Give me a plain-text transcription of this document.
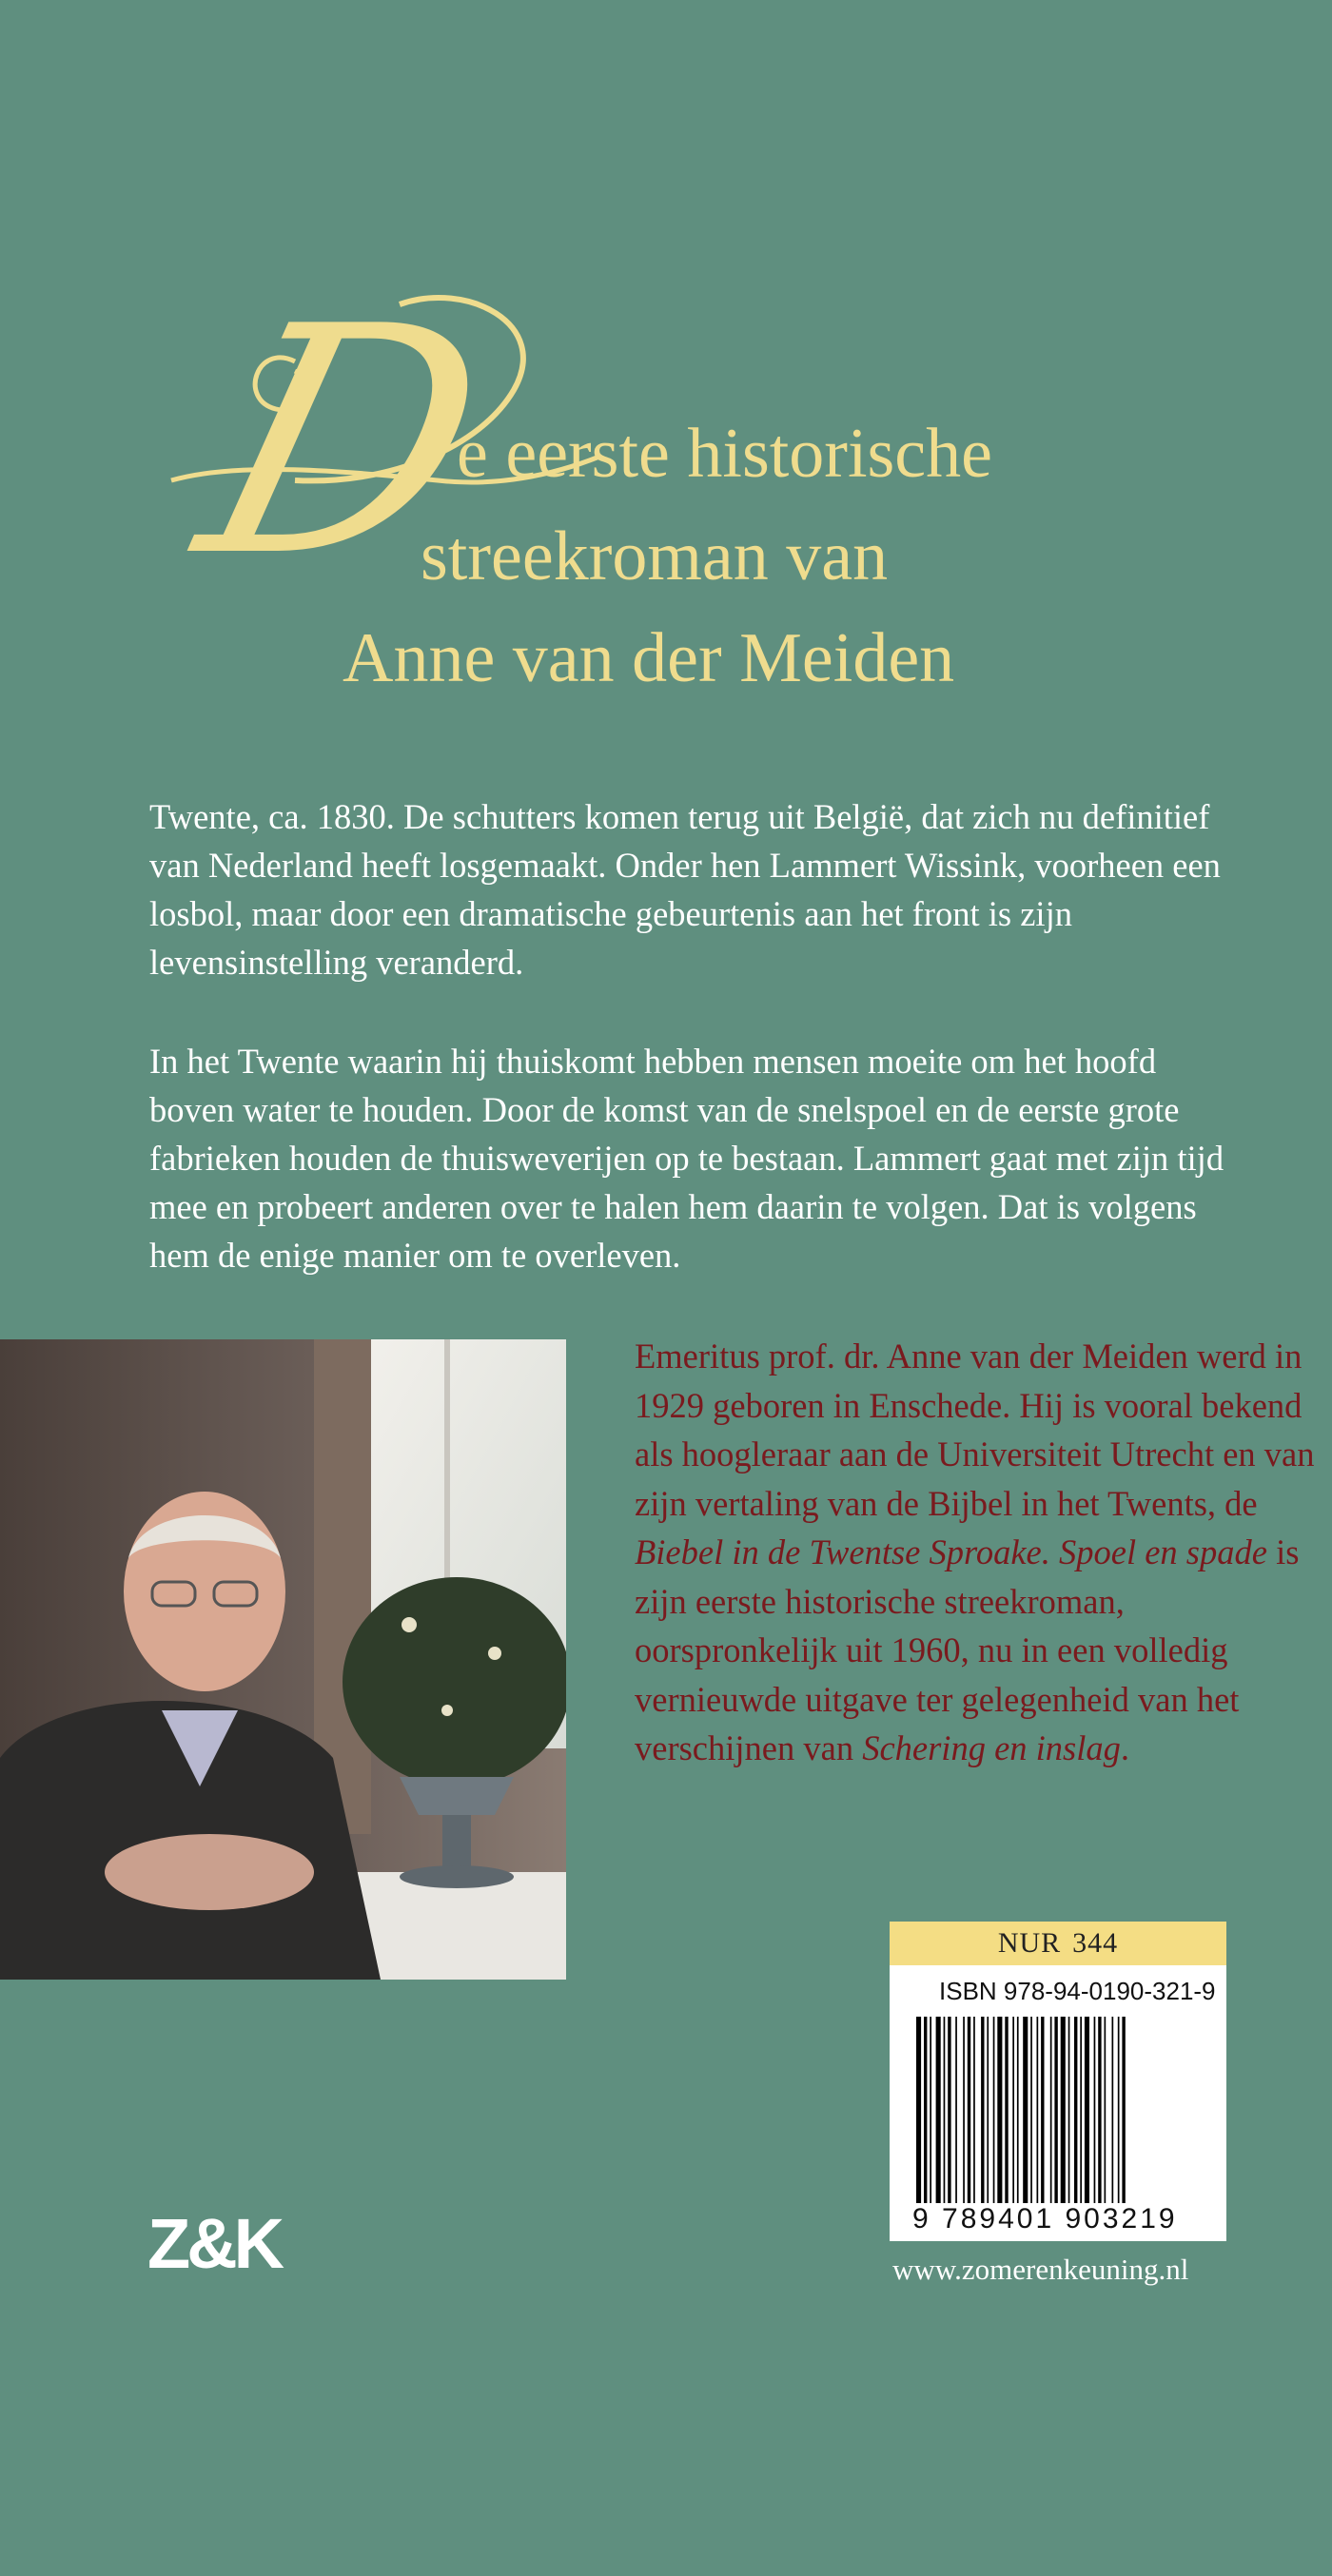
D
e eerste historische
streekroman van
Anne van der Meiden

Twente, ca. 1830. De schutters komen terug uit België, dat zich nu definitief van Nederland heeft losgemaakt. Onder hen Lammert Wissink, voorheen een losbol, maar door een dramatische gebeurtenis aan het front is zijn levensinstelling veranderd.

In het Twente waarin hij thuiskomt hebben mensen moeite om het hoofd boven water te houden. Door de komst van de snelspoel en de eerste grote fabrieken houden de thuisweverijen op te bestaan. Lammert gaat met zijn tijd mee en probeert anderen over te halen hem daarin te volgen. Dat is volgens hem de enige manier om te overleven.

Emeritus prof. dr. Anne van der Meiden werd in 1929 geboren in Enschede. Hij is vooral bekend als hoogleraar aan de Universiteit Utrecht en van zijn vertaling van de Bijbel in het Twents, de Biebel in de Twentse Sproake. Spoel en spade is zijn eerste historische streekroman, oorspronkelijk uit 1960, nu in een volledig vernieuwde uitgave ter gelegenheid van het verschijnen van Schering en inslag.

NUR 344
ISBN 978-94-0190-321-9
9 789401 903219
www.zomerenkeuning.nl
Z&K
